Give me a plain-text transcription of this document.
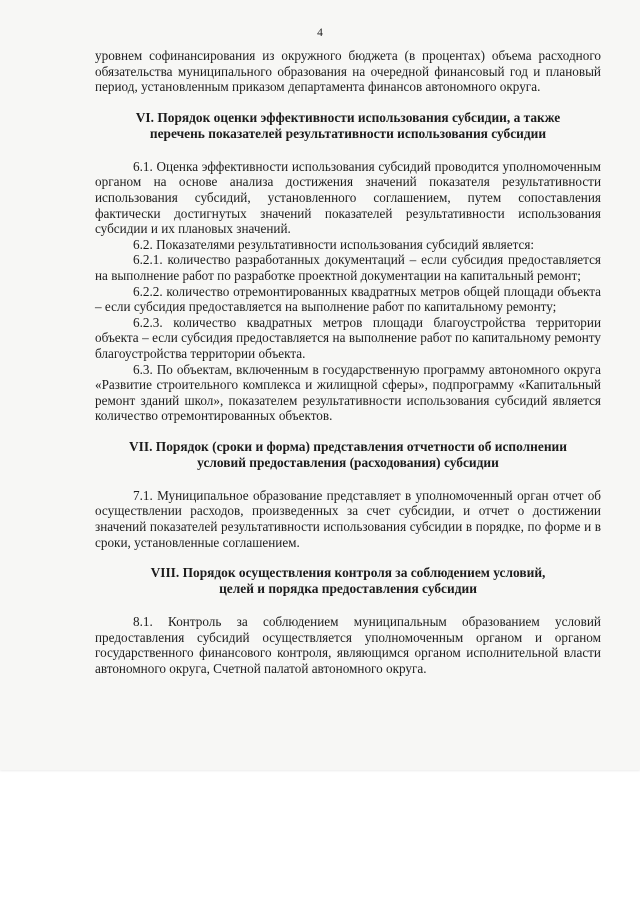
4

уровнем софинансирования из окружного бюджета (в процентах) объема расходного обязательства муниципального образования на очередной финансовый год и плановый период, установленным приказом департамента финансов автономного округа.

VI. Порядок оценки эффективности использования субсидии, а также
перечень показателей результативности использования субсидии

6.1. Оценка эффективности использования субсидий проводится уполномоченным органом на основе анализа достижения значений показателя результативности использования субсидий, установленного соглашением, путем сопоставления фактически достигнутых значений показателей результативности использования субсидии и их плановых значений.

6.2. Показателями результативности использования субсидий является:

6.2.1. количество разработанных документаций – если субсидия предоставляется на выполнение работ по разработке проектной документации на капитальный ремонт;

6.2.2. количество отремонтированных квадратных метров общей площади объекта – если субсидия предоставляется на выполнение работ по капитальному ремонту;

6.2.3. количество квадратных метров площади благоустройства территории объекта – если субсидия предоставляется на выполнение работ по капитальному ремонту благоустройства территории объекта.

6.3. По объектам, включенным в государственную программу автономного округа «Развитие строительного комплекса и жилищной сферы», подпрограмму «Капитальный ремонт зданий школ», показателем результативности использования субсидий является количество отремонтированных объектов.

VII. Порядок (сроки и форма) представления отчетности об исполнении
условий предоставления (расходования) субсидии

7.1. Муниципальное образование представляет в уполномоченный орган отчет об осуществлении расходов, произведенных за счет субсидии, и отчет о достижении значений показателей результативности использования субсидии в порядке, по форме и в сроки, установленные соглашением.

VIII. Порядок осуществления контроля за соблюдением условий,
целей и порядка предоставления субсидии

8.1. Контроль за соблюдением муниципальным образованием условий предоставления субсидий осуществляется уполномоченным органом и органом государственного финансового контроля, являющимся органом исполнительной власти автономного округа, Счетной палатой автономного округа.
